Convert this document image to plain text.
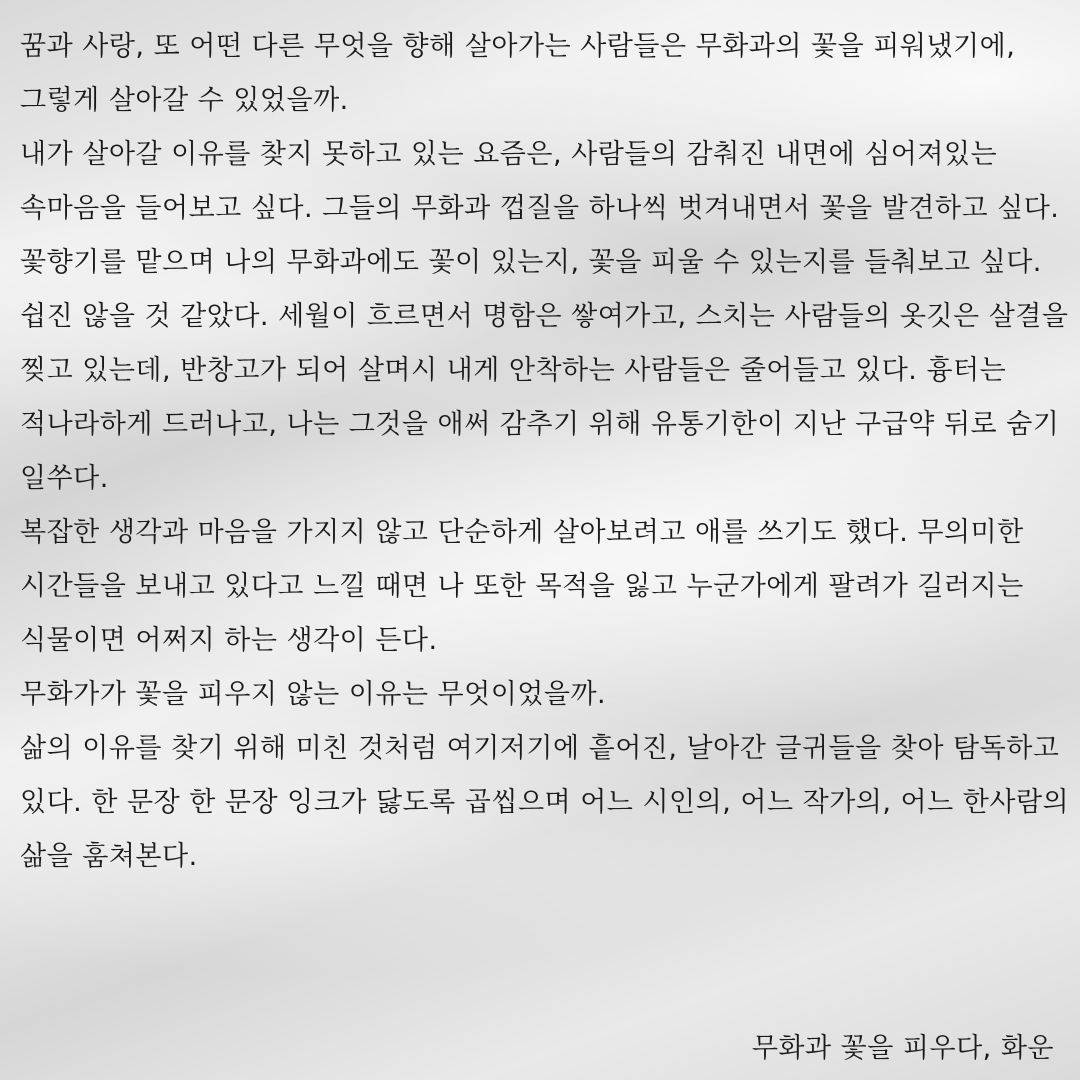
꿈과 사랑, 또 어떤 다른 무엇을 향해 살아가는 사람들은 무화과의 꽃을 피워냈기에, 그렇게 살아갈 수 있었을까.

내가 살아갈 이유를 찾지 못하고 있는 요즘은, 사람들의 감춰진 내면에 심어져있는 속마음을 들어보고 싶다. 그들의 무화과 껍질을 하나씩 벗겨내면서 꽃을 발견하고 싶다. 꽃향기를 맡으며 나의 무화과에도 꽃이 있는지, 꽃을 피울 수 있는지를 들춰보고 싶다.

쉽진 않을 것 같았다. 세월이 흐르면서 명함은 쌓여가고, 스치는 사람들의 옷깃은 살결을 찢고 있는데, 반창고가 되어 살며시 내게 안착하는 사람들은 줄어들고 있다. 흉터는 적나라하게 드러나고, 나는 그것을 애써 감추기 위해 유통기한이 지난 구급약 뒤로 숨기 일쑤다.

복잡한 생각과 마음을 가지지 않고 단순하게 살아보려고 애를 쓰기도 했다. 무의미한 시간들을 보내고 있다고 느낄 때면 나 또한 목적을 잃고 누군가에게 팔려가 길러지는 식물이면 어쩌지 하는 생각이 든다.

무화가가 꽃을 피우지 않는 이유는 무엇이었을까.

삶의 이유를 찾기 위해 미친 것처럼 여기저기에 흩어진, 날아간 글귀들을 찾아 탐독하고 있다. 한 문장 한 문장 잉크가 닳도록 곱씹으며 어느 시인의, 어느 작가의, 어느 한사람의 삶을 훔쳐본다.

무화과 꽃을 피우다, 화운
